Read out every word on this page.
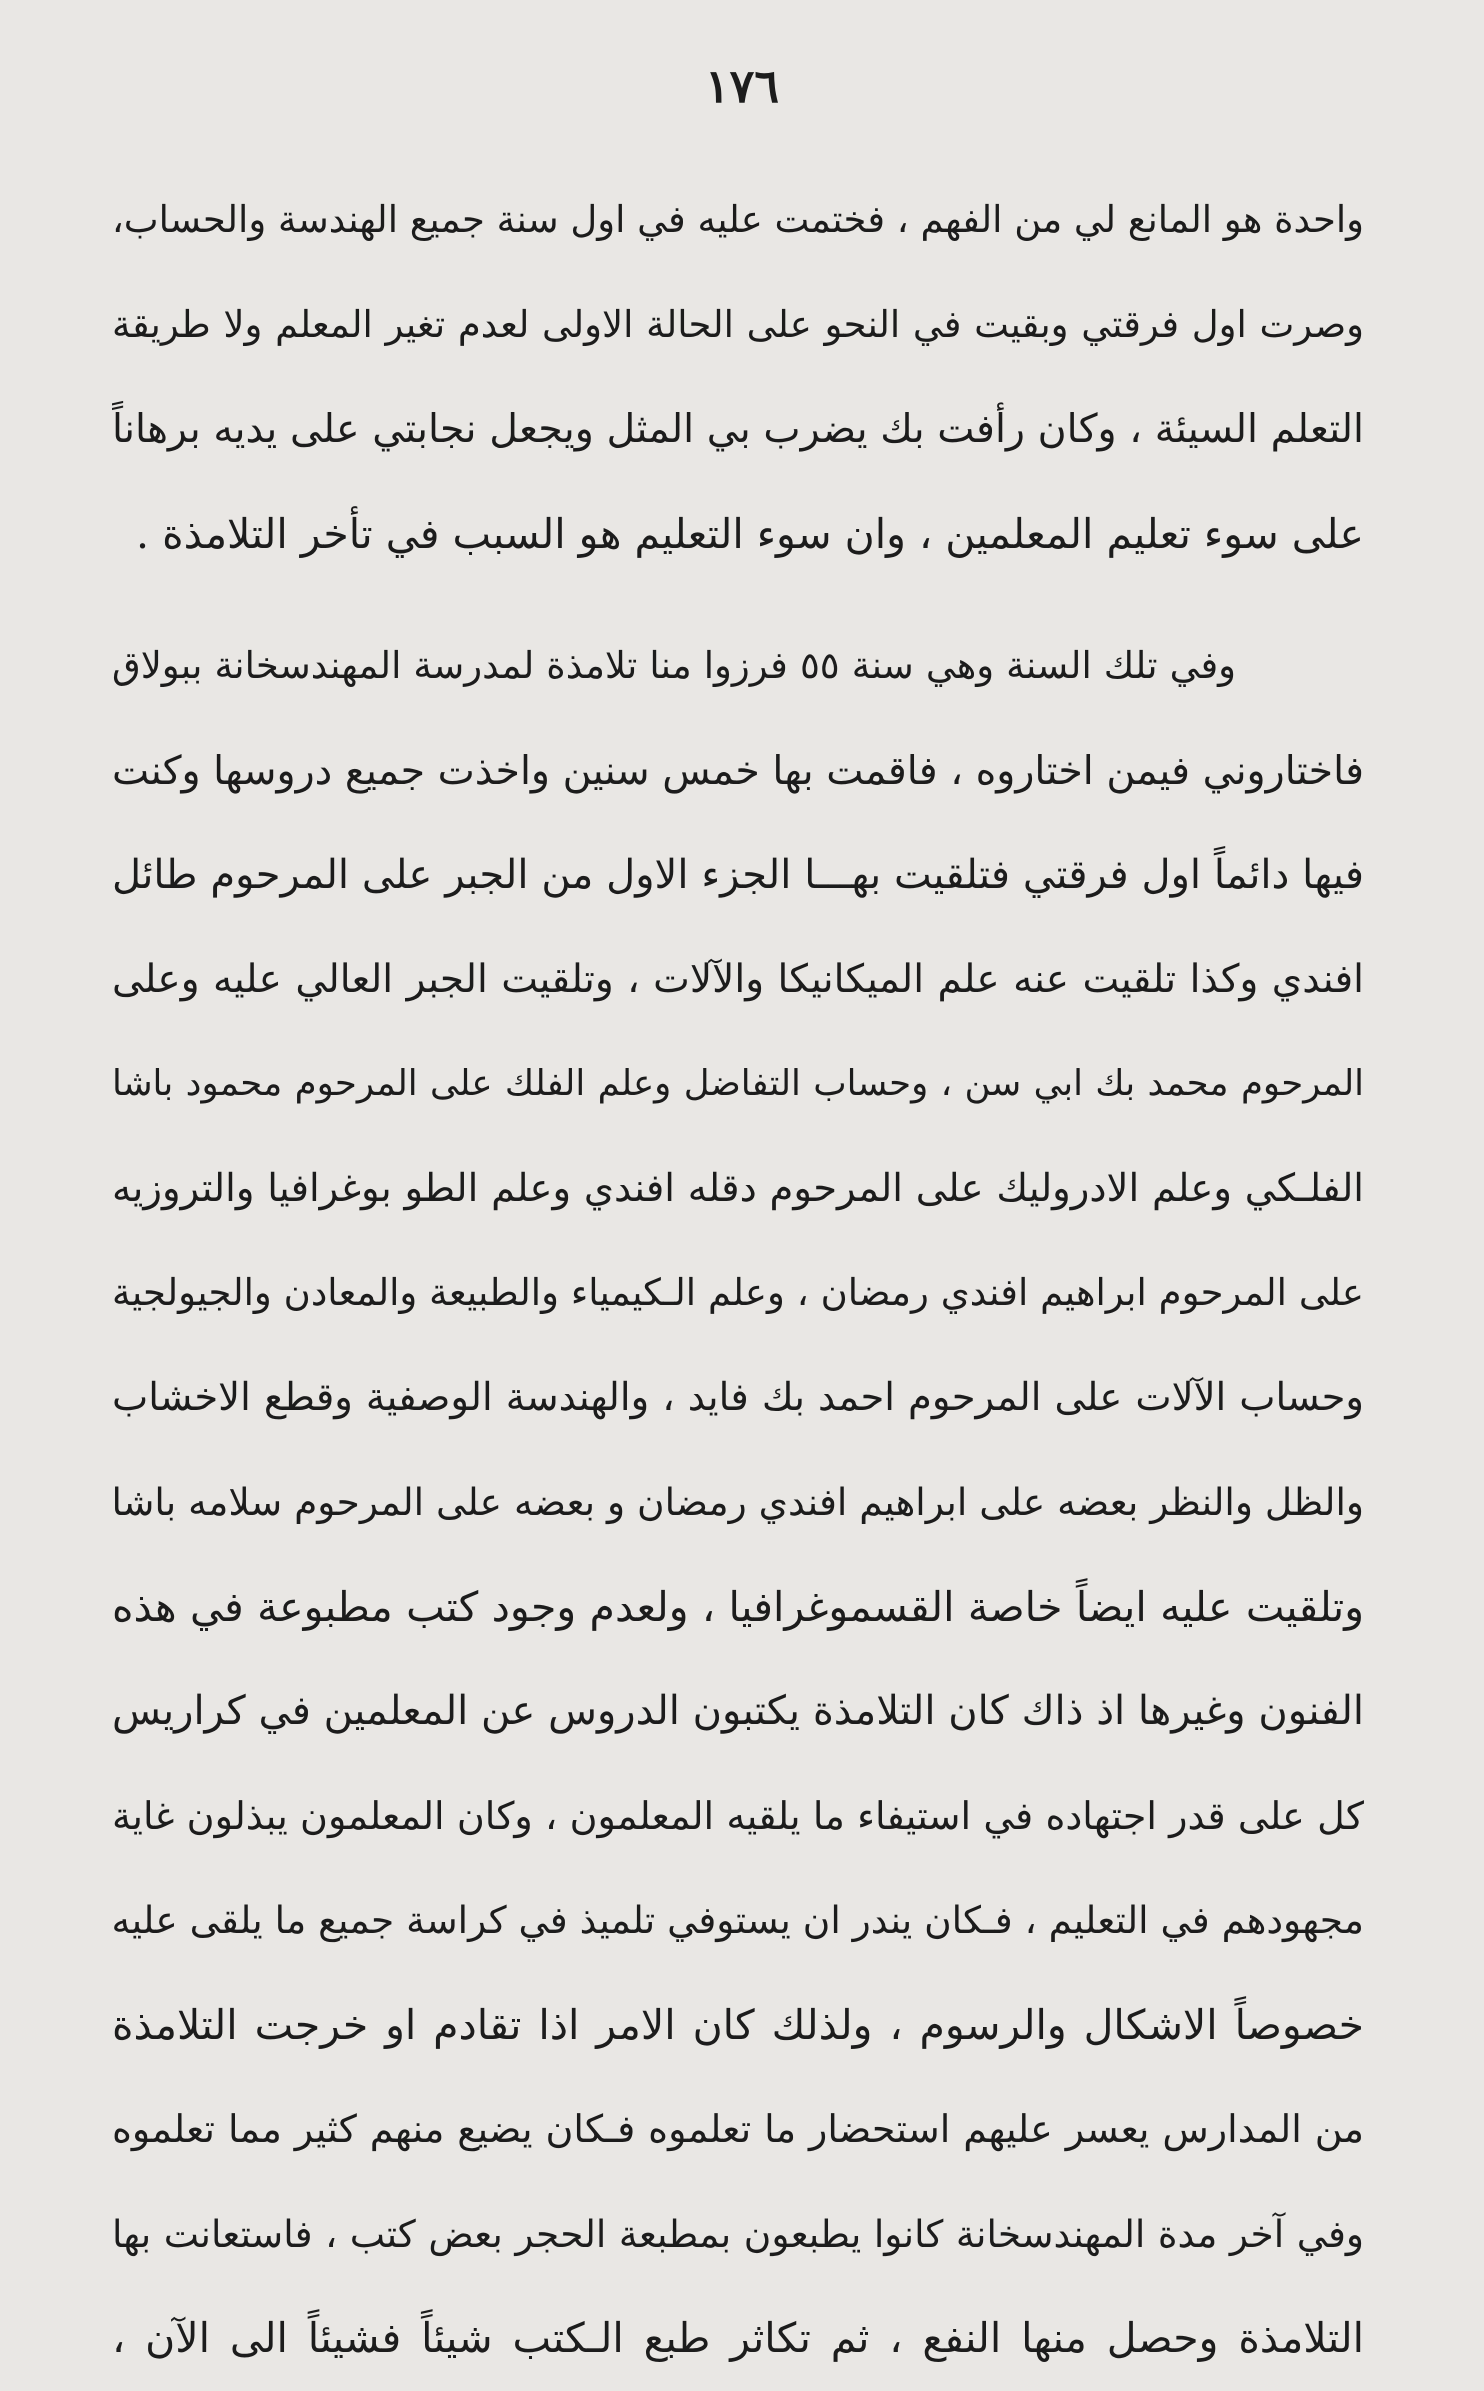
١٧٦
واحدة هو المانع لي من الفهم ، فختمت عليه في اول سنة جميع الهندسة والحساب،
وصرت اول فرقتي وبقيت في النحو على الحالة الاولى لعدم تغير المعلم ولا طريقة
التعلم السيئة ، وكان رأفت بك يضرب بي المثل ويجعل نجابتي على يديه برهاناً
على سوء تعليم المعلمين ، وان سوء التعليم هو السبب في تأخر التلامذة .
وفي تلك السنة وهي سنة ٥٥ فرزوا منا تلامذة لمدرسة المهندسخانة ببولاق
فاختاروني فيمن اختاروه ، فاقمت بها خمس سنين واخذت جميع دروسها وكنت
فيها دائماً اول فرقتي فتلقيت بهـــا الجزء الاول من الجبر على المرحوم طائل
افندي وكذا تلقيت عنه علم الميكانيكا والآلات ، وتلقيت الجبر العالي عليه وعلى
المرحوم محمد بك ابي سن ، وحساب التفاضل وعلم الفلك على المرحوم محمود باشا
الفلـكي وعلم الادروليك على المرحوم دقله افندي وعلم الطو بوغرافيا والتروزيه
على المرحوم ابراهيم افندي رمضان ، وعلم الـكيمياء والطبيعة والمعادن والجيولجية
وحساب الآلات على المرحوم احمد بك فايد ، والهندسة الوصفية وقطع الاخشاب
والظل والنظر بعضه على ابراهيم افندي رمضان و بعضه على المرحوم سلامه باشا
وتلقيت عليه ايضاً خاصة القسموغرافيا ، ولعدم وجود كتب مطبوعة في هذه
الفنون وغيرها اذ ذاك كان التلامذة يكتبون الدروس عن المعلمين في كراريس
كل على قدر اجتهاده في استيفاء ما يلقيه المعلمون ، وكان المعلمون يبذلون غاية
مجهودهم في التعليم ، فـكان يندر ان يستوفي تلميذ في كراسة جميع ما يلقى عليه
خصوصاً الاشكال والرسوم ، ولذلك كان الامر اذا تقادم او خرجت التلامذة
من المدارس يعسر عليهم استحضار ما تعلموه فـكان يضيع منهم كثير مما تعلموه
وفي آخر مدة المهندسخانة كانوا يطبعون بمطبعة الحجر بعض كتب ، فاستعانت بها
التلامذة وحصل منها النفع ، ثم تكاثر طبع الـكتب شيئاً فشيئاً الى الآن ،
